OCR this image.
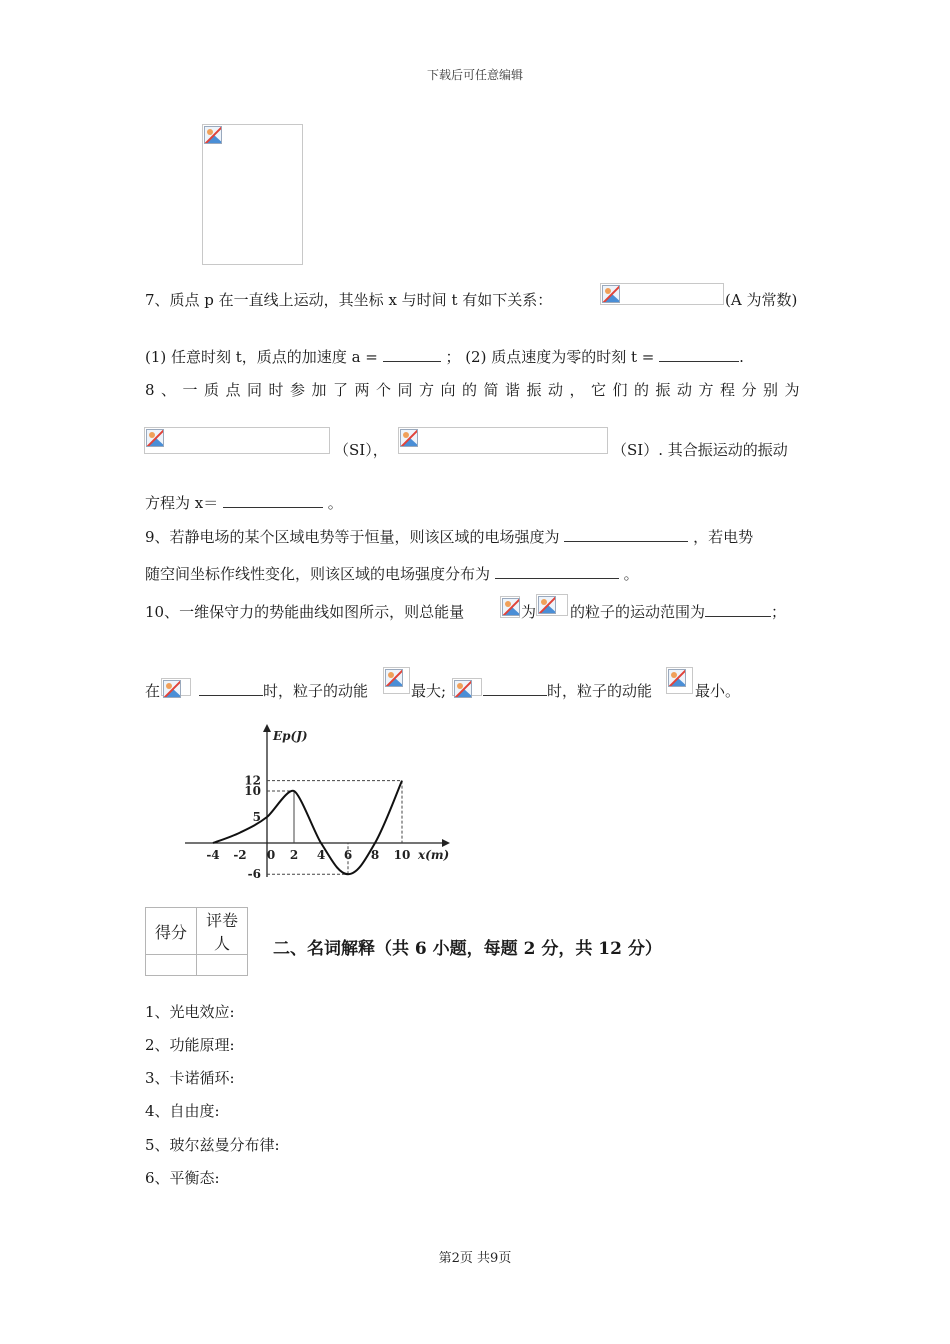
下载后可任意编辑
7、质点 p 在一直线上运动，其坐标 x 与时间 t 有如下关系：	(A 为常数)
(1) 任意时刻 t，质点的加速度 a =	； (2) 质点速度为零的时刻 t =	.
8、一质点同时参加了两个同方向的简谐振动，它们的振动方程分别为
（SI），	（SI）. 其合振运动的振动
方程为 x＝	。
9、若静电场的某个区域电势等于恒量，则该区域的电场强度为	，若电势
随空间坐标作线性变化，则该区域的电场强度分布为	。
10、一维保守力的势能曲线如图所示，则总能量	为 的粒子的运动范围为	；
在	时，粒子的动能	最大;	时，粒子的动能	最小。
-4 -2 0 2 4 6 8 10
12
10
5
-6
Ep(J)
x(m)
得分	评卷人
		二、名词解释（共 6 小题，每题 2 分，共 12 分）
1、光电效应:
2、功能原理:
3、卡诺循环:
4、自由度:
5、玻尔兹曼分布律:
6、平衡态:
第2页 共9页
